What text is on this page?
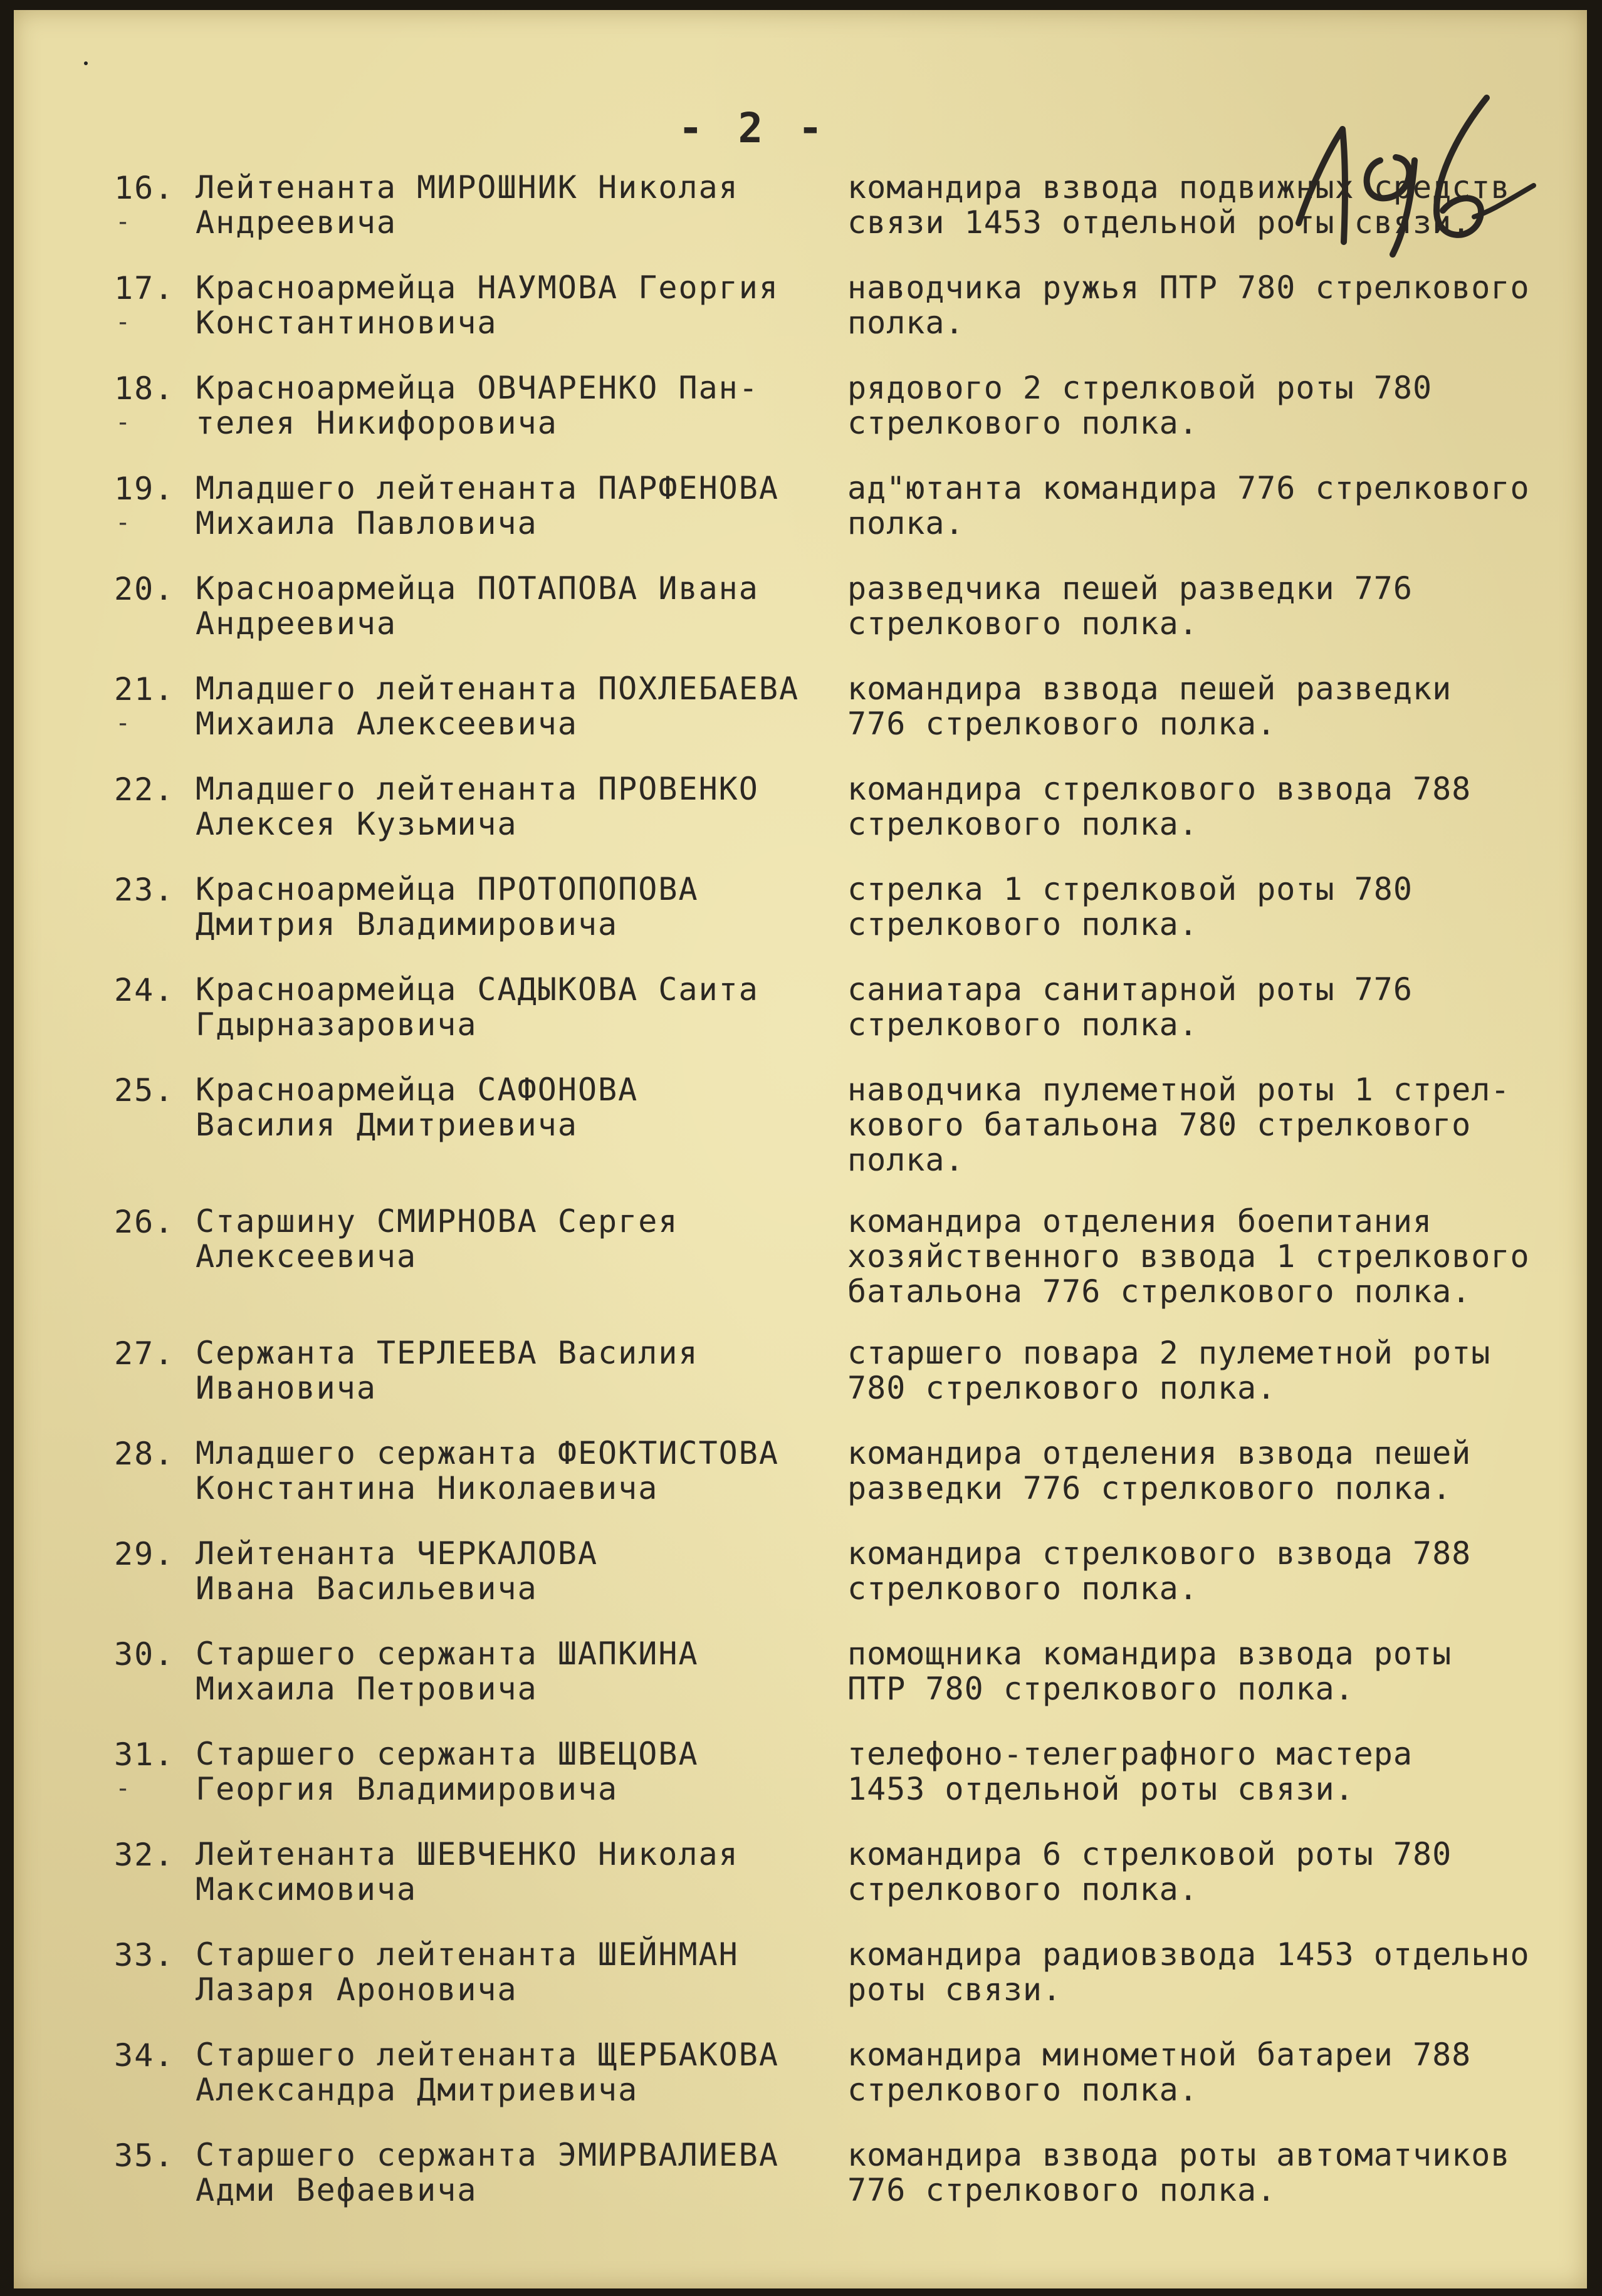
- 2 -
16.
-
Лейтенанта МИРОШНИК Николая
Андреевича
командира взвода подвижных средств
связи 1453 отдельной роты связи.
17.
-
Красноармейца НАУМОВА Георгия
Константиновича
наводчика ружья ПТР 780 стрелкового
полка.
18.
-
Красноармейца ОВЧАРЕНКО Пан-
телея Никифоровича
рядового 2 стрелковой роты 780
стрелкового полка.
19.
-
Младшего лейтенанта ПАРФЕНОВА
Михаила Павловича
ад"ютанта командира 776 стрелкового
полка.
20. Красноармейца ПОТАПОВА Ивана
Андреевича
разведчика пешей разведки 776
стрелкового полка.
21.
-
Младшего лейтенанта ПОХЛЕБАЕВА
Михаила Алексеевича
командира взвода пешей разведки
776 стрелкового полка.
22. Младшего лейтенанта ПРОВЕНКО
Алексея Кузьмича
командира стрелкового взвода 788
стрелкового полка.
23. Красноармейца ПРОТОПОПОВА
Дмитрия Владимировича
стрелка 1 стрелковой роты 780
стрелкового полка.
24. Красноармейца САДЫКОВА Саита
Гдырназаровича
саниатара санитарной роты 776
стрелкового полка.
25. Красноармейца САФОНОВА
Василия Дмитриевича
наводчика пулеметной роты 1 стрел-
кового батальона 780 стрелкового
полка.
26. Старшину СМИРНОВА Сергея
Алексеевича
командира отделения боепитания
хозяйственного взвода 1 стрелкового
батальона 776 стрелкового полка.
27. Сержанта ТЕРЛЕЕВА Василия
Ивановича
старшего повара 2 пулеметной роты
780 стрелкового полка.
28. Младшего сержанта ФЕОКТИСТОВА
Константина Николаевича
командира отделения взвода пешей
разведки 776 стрелкового полка.
29. Лейтенанта ЧЕРКАЛОВА
Ивана Васильевича
командира стрелкового взвода 788
стрелкового полка.
30. Старшего сержанта ШАПКИНА
Михаила Петровича
помощника командира взвода роты
ПТР 780 стрелкового полка.
31.
-
Старшего сержанта ШВЕЦОВА
Георгия Владимировича
телефоно-телеграфного мастера
1453 отдельной роты связи.
32. Лейтенанта ШЕВЧЕНКО Николая
Максимовича
командира 6 стрелковой роты 780
стрелкового полка.
33. Старшего лейтенанта ШЕЙНМАН
Лазаря Ароновича
командира радиовзвода 1453 отдельно
роты связи.
34. Старшего лейтенанта ЩЕРБАКОВА
Александра Дмитриевича
командира минометной батареи 788
стрелкового полка.
35. Старшего сержанта ЭМИРВАЛИЕВА
Адми Вефаевича
командира взвода роты автоматчиков
776 стрелкового полка.
